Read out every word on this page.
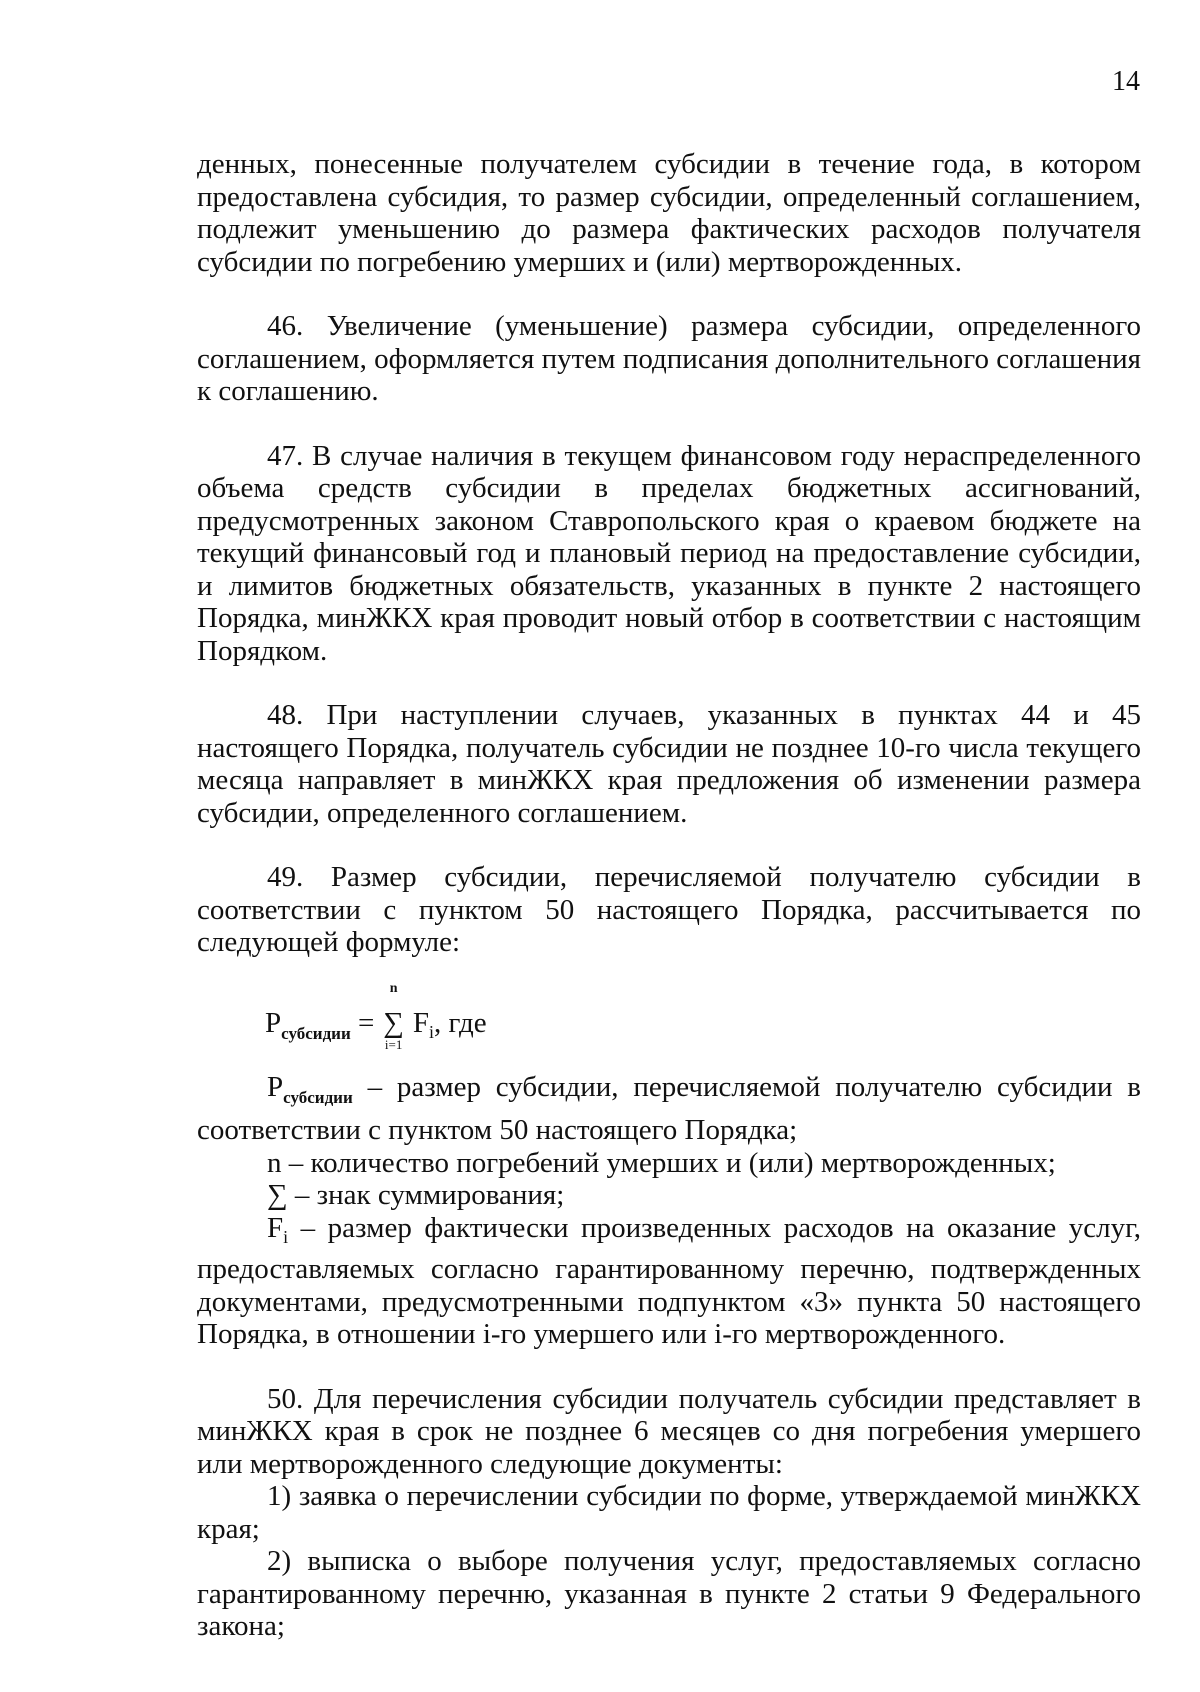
14

денных, понесенные получателем субсидии в течение года, в котором предоставлена субсидия, то размер субсидии, определенный соглашением, подлежит уменьшению до размера фактических расходов получателя субсидии по погребению умерших и (или) мертворожденных.

46. Увеличение (уменьшение) размера субсидии, определенного соглашением, оформляется путем подписания дополнительного соглашения к соглашению.

47. В случае наличия в текущем финансовом году нераспределенного объема средств субсидии в пределах бюджетных ассигнований, предусмотренных законом Ставропольского края о краевом бюджете на текущий финансовый год и плановый период на предоставление субсидии, и лимитов бюджетных обязательств, указанных в пункте 2 настоящего Порядка, минЖКХ края проводит новый отбор в соответствии с настоящим Порядком.

48. При наступлении случаев, указанных в пунктах 44 и 45 настоящего Порядка, получатель субсидии не позднее 10-го числа текущего месяца направляет в минЖКХ края предложения об изменении размера субсидии, определенного соглашением.

49. Размер субсидии, перечисляемой получателю субсидии в соответствии с пунктом 50 настоящего Порядка, рассчитывается по следующей формуле:

$P_{субсидии}$ =
n
∑
i=1
$F_i$, где

$P_{субсидии}$ – размер субсидии, перечисляемой получателю субсидии в соответствии с пунктом 50 настоящего Порядка;

n – количество погребений умерших и (или) мертворожденных;

∑ – знак суммирования;

$F_i$ – размер фактически произведенных расходов на оказание услуг, предоставляемых согласно гарантированному перечню, подтвержденных документами, предусмотренными подпунктом «3» пункта 50 настоящего Порядка, в отношении i-го умершего или i-го мертворожденного.

50. Для перечисления субсидии получатель субсидии представляет в минЖКХ края в срок не позднее 6 месяцев со дня погребения умершего или мертворожденного следующие документы:

1) заявка о перечислении субсидии по форме, утверждаемой минЖКХ края;

2) выписка о выборе получения услуг, предоставляемых согласно гарантированному перечню, указанная в пункте 2 статьи 9 Федерального закона;
